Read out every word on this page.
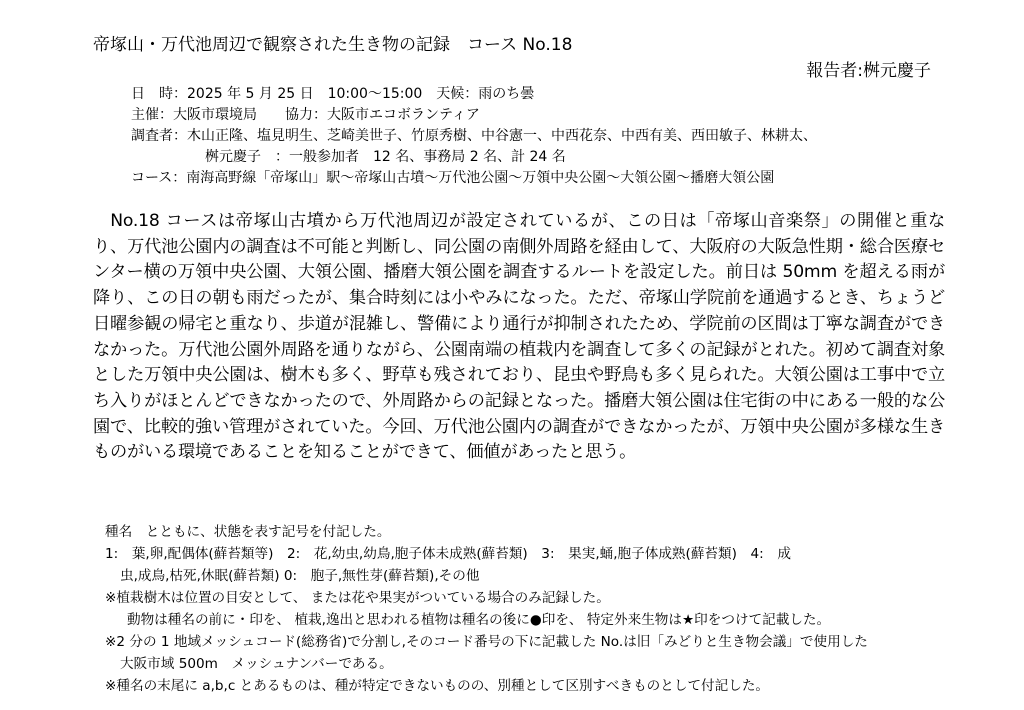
帝塚山・万代池周辺で観察された生き物の記録　コース No.18
報告者:桝元慶子
日　時：2025 年 5 月 25 日　10:00～15:00　天候：雨のち曇
主催：大阪市環境局　　協力：大阪市エコボランティア
調査者：木山正隆、塩見明生、芝崎美世子、竹原秀樹、中谷憲一、中西花奈、中西有美、西田敏子、林耕太、
桝元慶子　：一般参加者　12 名、事務局 2 名、計 24 名
コース：南海高野線「帝塚山」駅～帝塚山古墳～万代池公園～万領中央公園～大領公園～播磨大領公園
No.18 コースは帝塚山古墳から万代池周辺が設定されているが、この日は「帝塚山音楽祭」の開催と重なり、万代池公園内の調査は不可能と判断し、同公園の南側外周路を経由して、大阪府の大阪急性期・総合医療センター横の万領中央公園、大領公園、播磨大領公園を調査するルートを設定した。前日は 50mm を超える雨が降り、この日の朝も雨だったが、集合時刻には小やみになった。ただ、帝塚山学院前を通過するとき、ちょうど日曜参観の帰宅と重なり、歩道が混雑し、警備により通行が抑制されたため、学院前の区間は丁寧な調査ができなかった。万代池公園外周路を通りながら、公園南端の植栽内を調査して多くの記録がとれた。初めて調査対象とした万領中央公園は、樹木も多く、野草も残されており、昆虫や野鳥も多く見られた。大領公園は工事中で立ち入りがほとんどできなかったので、外周路からの記録となった。播磨大領公園は住宅街の中にある一般的な公園で、比較的強い管理がされていた。今回、万代池公園内の調査ができなかったが、万領中央公園が多様な生きものがいる環境であることを知ることができて、価値があったと思う。
種名　とともに、状態を表す記号を付記した。
1:　葉,卵,配偶体(蘚苔類等)　2:　花,幼虫,幼鳥,胞子体未成熟(蘚苔類)　3:　果実,蛹,胞子体成熟(蘚苔類)　4:　成
虫,成鳥,枯死,休眠(蘚苔類) 0:　胞子,無性芽(蘚苔類),その他
※植栽樹木は位置の目安として、 または花や果実がついている場合のみ記録した。
動物は種名の前に・印を、 植栽,逸出と思われる植物は種名の後に●印を、 特定外来生物は★印をつけて記載した。
※2 分の 1 地域メッシュコード(総務省)で分割し,そのコード番号の下に記載した No.は旧「みどりと生き物会議」で使用した
大阪市域 500m　メッシュナンバーである。
※種名の末尾に a,b,c とあるものは、種が特定できないものの、別種として区別すべきものとして付記した。
